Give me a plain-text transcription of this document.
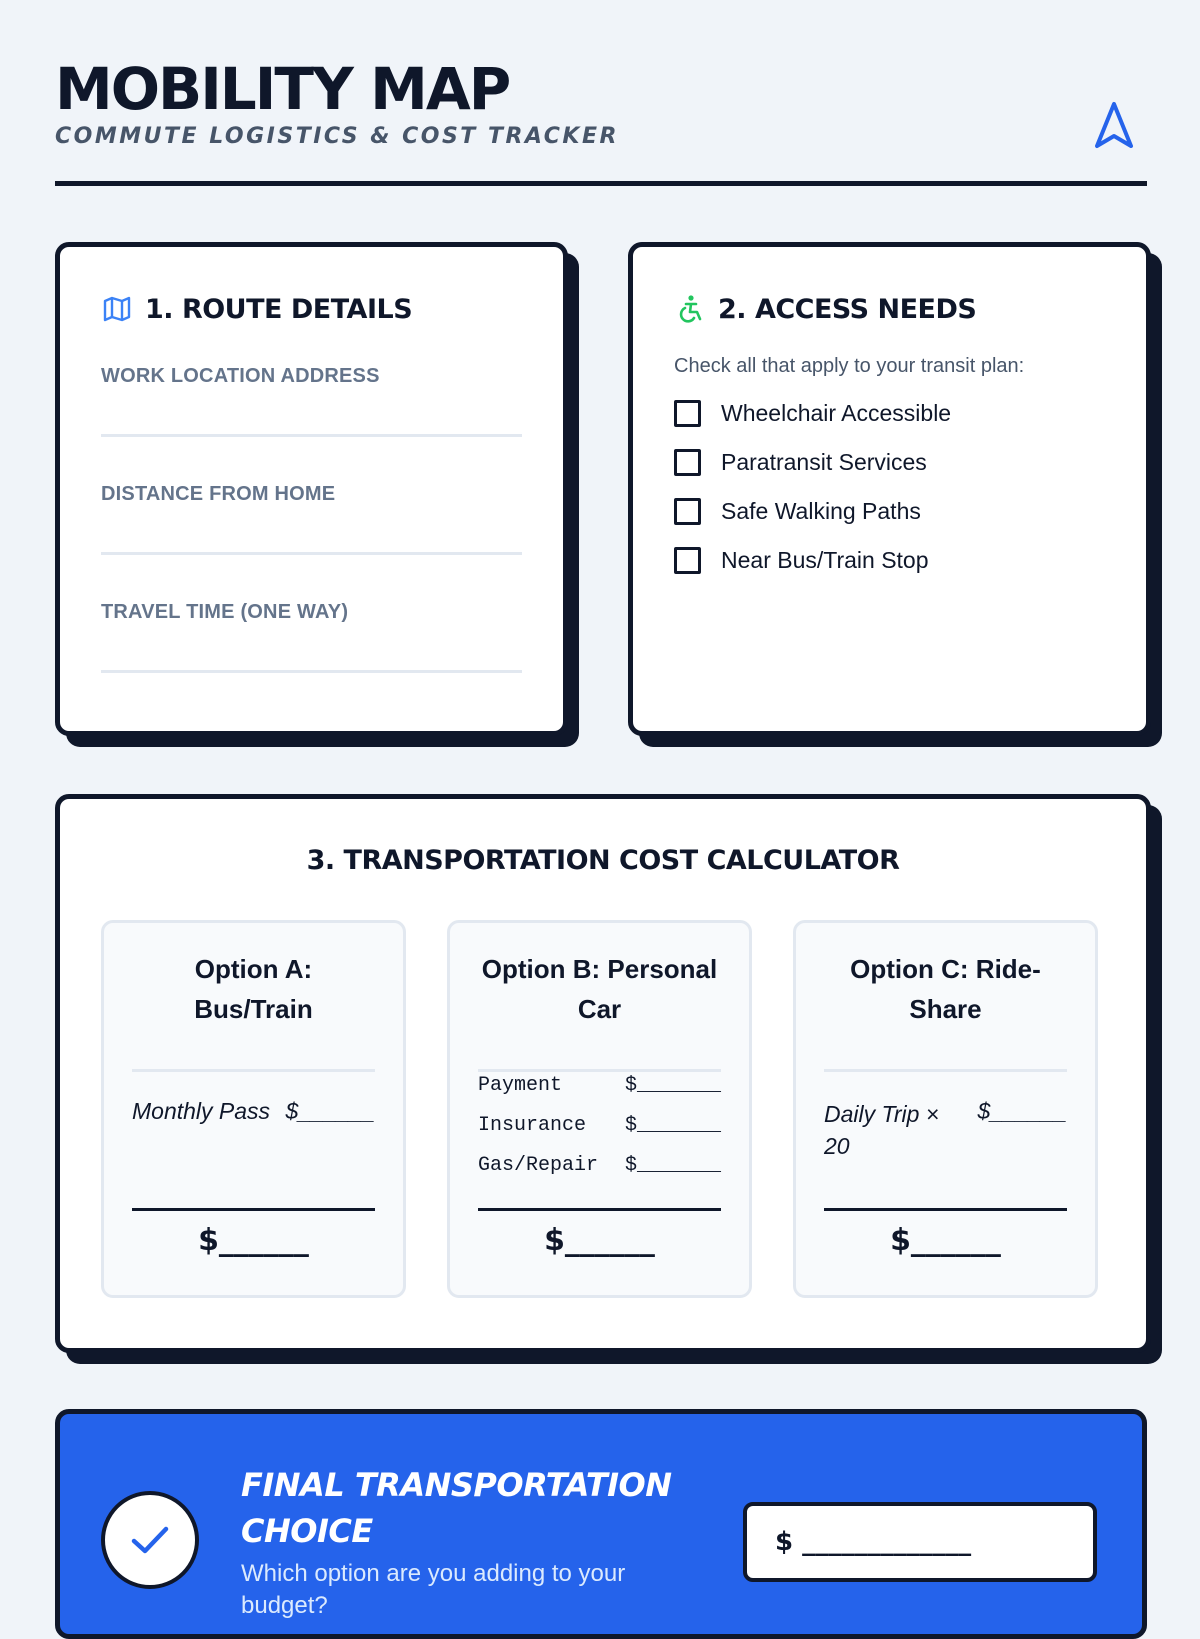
MOBILITY MAP
COMMUTE LOGISTICS & COST TRACKER
1. ROUTE DETAILS
WORK LOCATION ADDRESS
DISTANCE FROM HOME
TRAVEL TIME (ONE WAY)
2. ACCESS NEEDS
Check all that apply to your transit plan:
Wheelchair Accessible
Paratransit Services
Safe Walking Paths
Near Bus/Train Stop
3. TRANSPORTATION COST CALCULATOR
Option A: Bus/Train
Monthly Pass $______
$______
Option B: Personal Car
Payment	$_______
Insurance $_______
Gas/Repair $_______
$______
Option C: Ride-Share
Daily Trip × 20
$______
$______
FINAL TRANSPORTATION CHOICE
Which option are you adding to your budget?
$ _____________
